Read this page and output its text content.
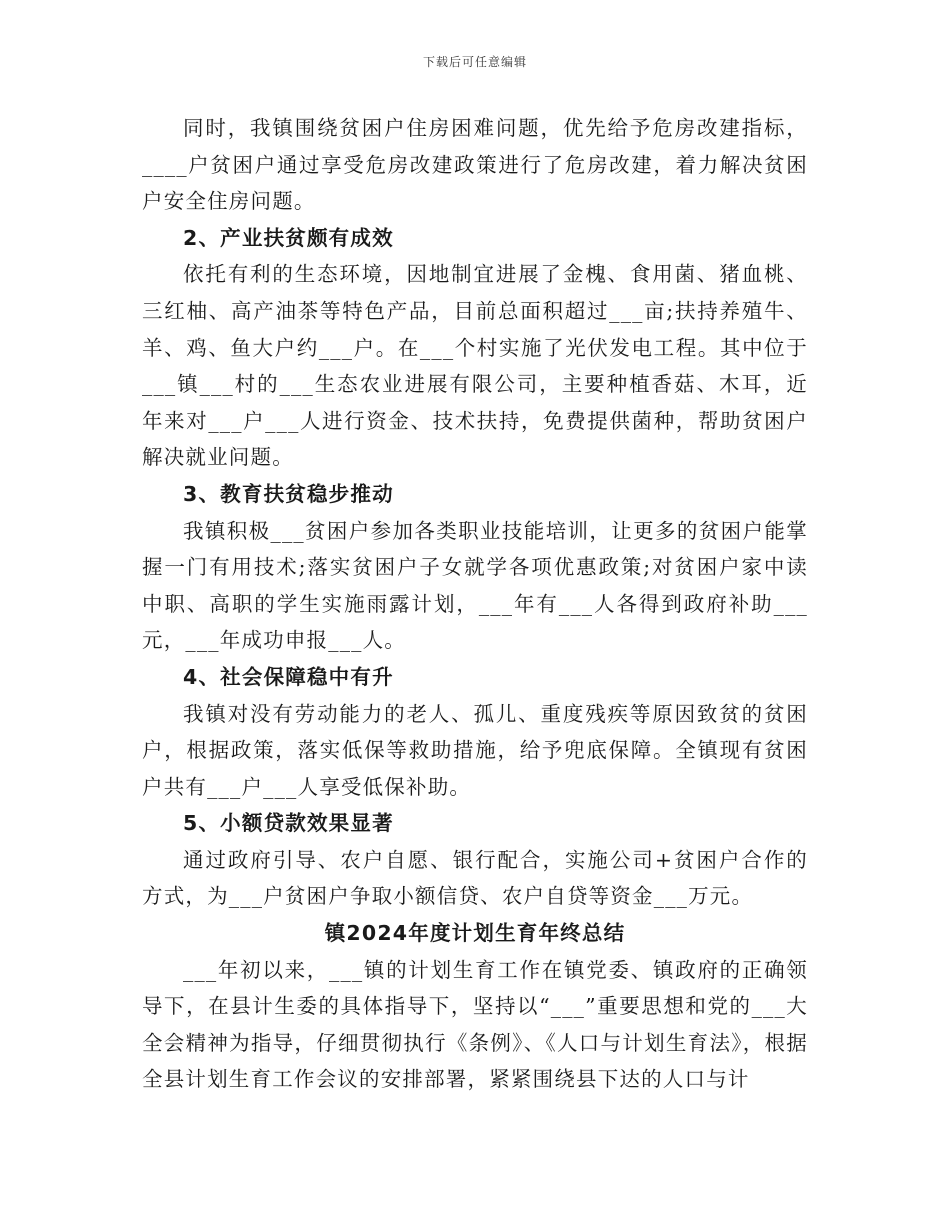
下载后可任意编辑

同时，我镇围绕贫困户住房困难问题，优先给予危房改建指标，____户贫困户通过享受危房改建政策进行了危房改建，着力解决贫困户安全住房问题。

2、产业扶贫颇有成效

依托有利的生态环境，因地制宜进展了金槐、食用菌、猪血桃、三红柚、高产油茶等特色产品，目前总面积超过___亩;扶持养殖牛、羊、鸡、鱼大户约___户。在___个村实施了光伏发电工程。其中位于___镇___村的___生态农业进展有限公司，主要种植香菇、木耳，近年来对___户___人进行资金、技术扶持，免费提供菌种，帮助贫困户解决就业问题。

3、教育扶贫稳步推动

我镇积极___贫困户参加各类职业技能培训，让更多的贫困户能掌握一门有用技术;落实贫困户子女就学各项优惠政策;对贫困户家中读中职、高职的学生实施雨露计划，___年有___人各得到政府补助___元，___年成功申报___人。

4、社会保障稳中有升

我镇对没有劳动能力的老人、孤儿、重度残疾等原因致贫的贫困户，根据政策，落实低保等救助措施，给予兜底保障。全镇现有贫困户共有___户___人享受低保补助。

5、小额贷款效果显著

通过政府引导、农户自愿、银行配合，实施公司+贫困户合作的方式，为___户贫困户争取小额信贷、农户自贷等资金___万元。

镇2024年度计划生育年终总结

___年初以来，___镇的计划生育工作在镇党委、镇政府的正确领导下，在县计生委的具体指导下，坚持以“___”重要思想和党的___大全会精神为指导，仔细贯彻执行《条例》、《人口与计划生育法》，根据全县计划生育工作会议的安排部署，紧紧围绕县下达的人口与计
